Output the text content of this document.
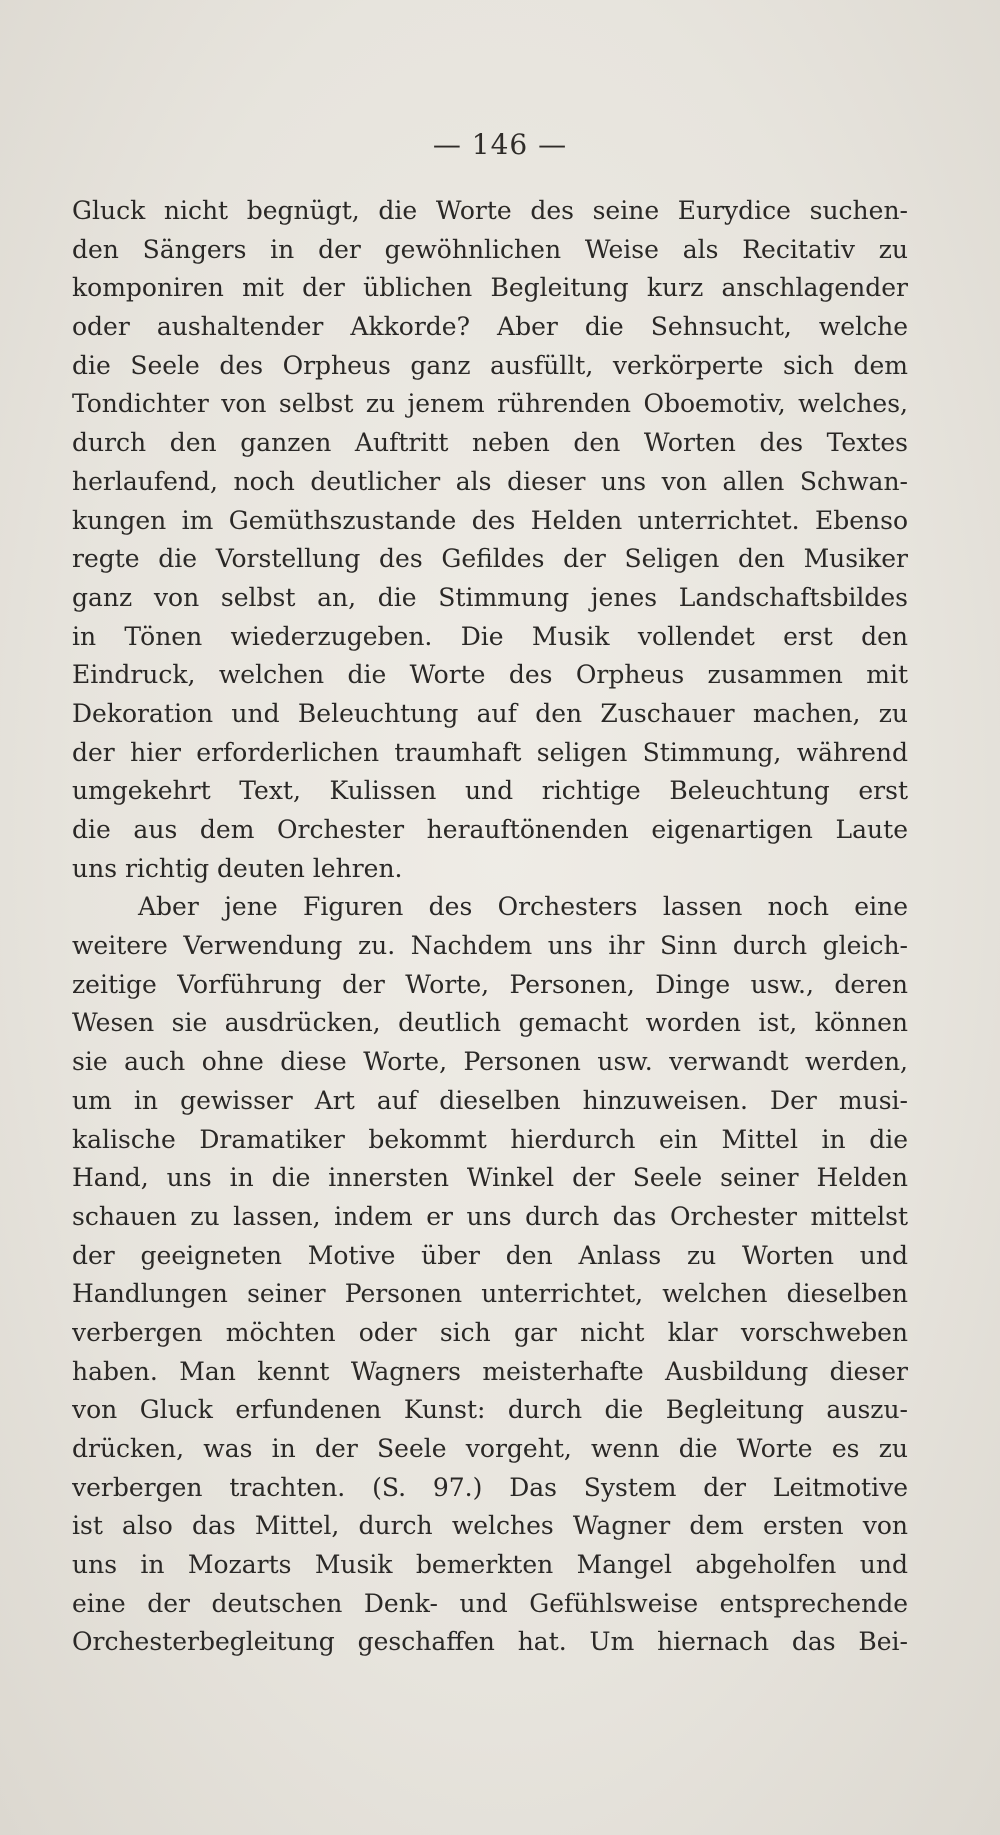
— 146 —
Gluck nicht begnügt, die Worte des seine Eurydice suchen-
den Sängers in der gewöhnlichen Weise als Recitativ zu
komponiren mit der üblichen Begleitung kurz anschlagender
oder aushaltender Akkorde? Aber die Sehnsucht, welche
die Seele des Orpheus ganz ausfüllt, verkörperte sich dem
Tondichter von selbst zu jenem rührenden Oboemotiv, welches,
durch den ganzen Auftritt neben den Worten des Textes
herlaufend, noch deutlicher als dieser uns von allen Schwan-
kungen im Gemüthszustande des Helden unterrichtet. Ebenso
regte die Vorstellung des Gefildes der Seligen den Musiker
ganz von selbst an, die Stimmung jenes Landschaftsbildes
in Tönen wiederzugeben. Die Musik vollendet erst den
Eindruck, welchen die Worte des Orpheus zusammen mit
Dekoration und Beleuchtung auf den Zuschauer machen, zu
der hier erforderlichen traumhaft seligen Stimmung, während
umgekehrt Text, Kulissen und richtige Beleuchtung erst
die aus dem Orchester herauftönenden eigenartigen Laute
uns richtig deuten lehren.
Aber jene Figuren des Orchesters lassen noch eine
weitere Verwendung zu. Nachdem uns ihr Sinn durch gleich-
zeitige Vorführung der Worte, Personen, Dinge usw., deren
Wesen sie ausdrücken, deutlich gemacht worden ist, können
sie auch ohne diese Worte, Personen usw. verwandt werden,
um in gewisser Art auf dieselben hinzuweisen. Der musi-
kalische Dramatiker bekommt hierdurch ein Mittel in die
Hand, uns in die innersten Winkel der Seele seiner Helden
schauen zu lassen, indem er uns durch das Orchester mittelst
der geeigneten Motive über den Anlass zu Worten und
Handlungen seiner Personen unterrichtet, welchen dieselben
verbergen möchten oder sich gar nicht klar vorschweben
haben. Man kennt Wagners meisterhafte Ausbildung dieser
von Gluck erfundenen Kunst: durch die Begleitung auszu-
drücken, was in der Seele vorgeht, wenn die Worte es zu
verbergen trachten. (S. 97.) Das System der Leitmotive
ist also das Mittel, durch welches Wagner dem ersten von
uns in Mozarts Musik bemerkten Mangel abgeholfen und
eine der deutschen Denk- und Gefühlsweise entsprechende
Orchesterbegleitung geschaffen hat. Um hiernach das Bei-
